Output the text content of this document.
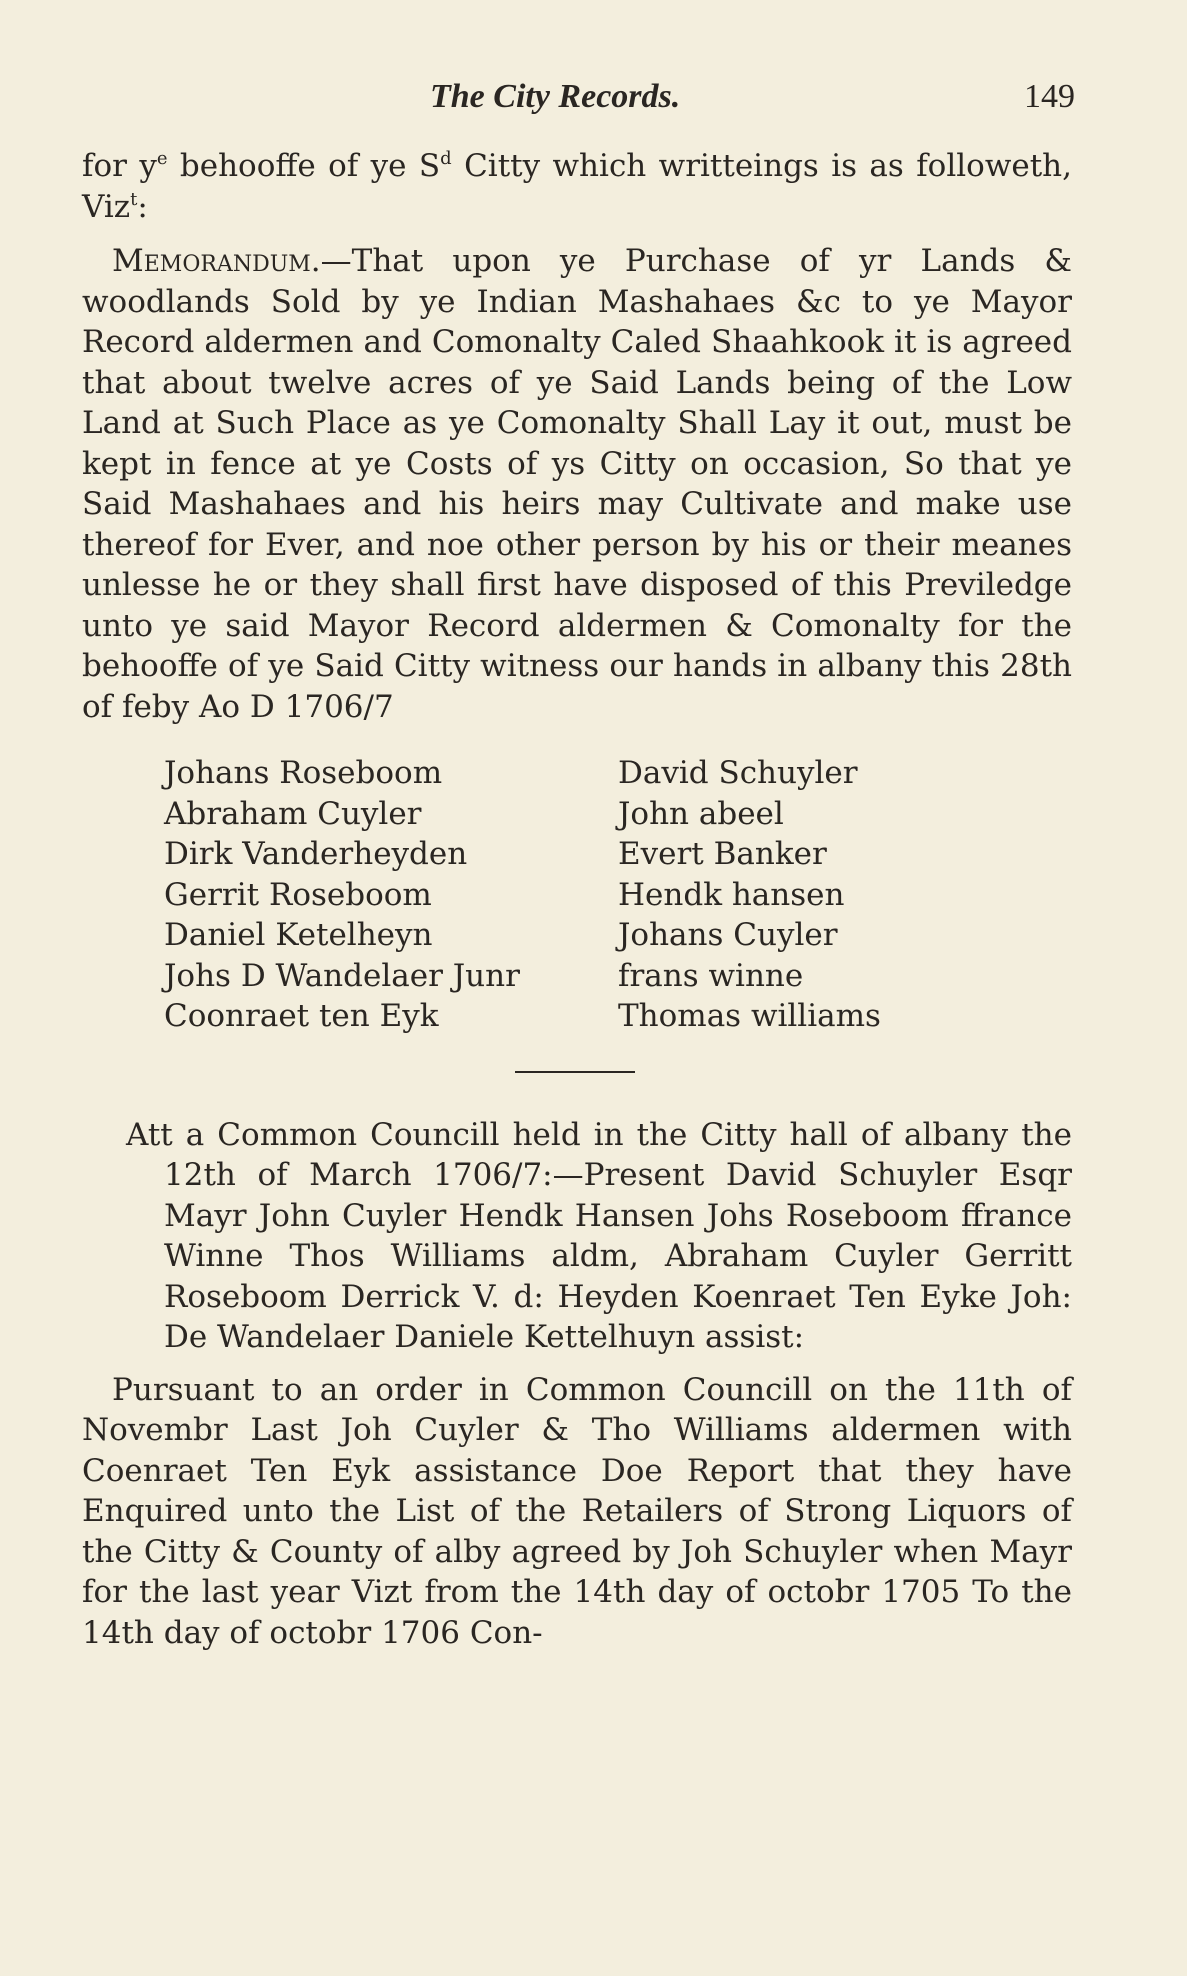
The City Records.	149

for $y^e$ behooffe of ye $S^d$ Citty which writteings is as followeth, Viz$^t$:

Memorandum.—That upon ye Purchase of yr Lands & woodlands Sold by ye Indian Mashahaes &c to ye Mayor Record aldermen and Comonalty Caled Shaahkook it is agreed that about twelve acres of ye Said Lands being of the Low Land at Such Place as ye Comonalty Shall Lay it out, must be kept in fence at ye Costs of ys Citty on occasion, So that ye Said Mashahaes and his heirs may Cultivate and make use thereof for Ever, and noe other person by his or their meanes unlesse he or they shall first have disposed of this Previledge unto ye said Mayor Record aldermen & Comonalty for the behooffe of ye Said Citty witness our hands in albany this 28th of feby Ao D 1706/7

Johans Roseboom
Abraham Cuyler
Dirk Vanderheyden
Gerrit Roseboom
Daniel Ketelheyn
Johs D Wandelaer Junr
Coonraet ten Eyk
David Schuyler
John abeel
Evert Banker
Hendk hansen
Johans Cuyler
frans winne
Thomas williams

Att a Common Councill held in the Citty hall of albany the 12th of March 1706/7:—Present David Schuyler Esqr Mayr John Cuyler Hendk Hansen Johs Roseboom ffrance Winne Thos Williams aldm, Abraham Cuyler Gerritt Roseboom Derrick V. d: Heyden Koenraet Ten Eyke Joh: De Wandelaer Daniele Kettelhuyn assist:

Pursuant to an order in Common Councill on the 11th of Novembr Last Joh Cuyler & Tho Williams aldermen with Coenraet Ten Eyk assistance Doe Report that they have Enquired unto the List of the Retailers of Strong Liquors of the Citty & County of alby agreed by Joh Schuyler when Mayr for the last year Vizt from the 14th day of octobr 1705 To the 14th day of octobr 1706 Con-
